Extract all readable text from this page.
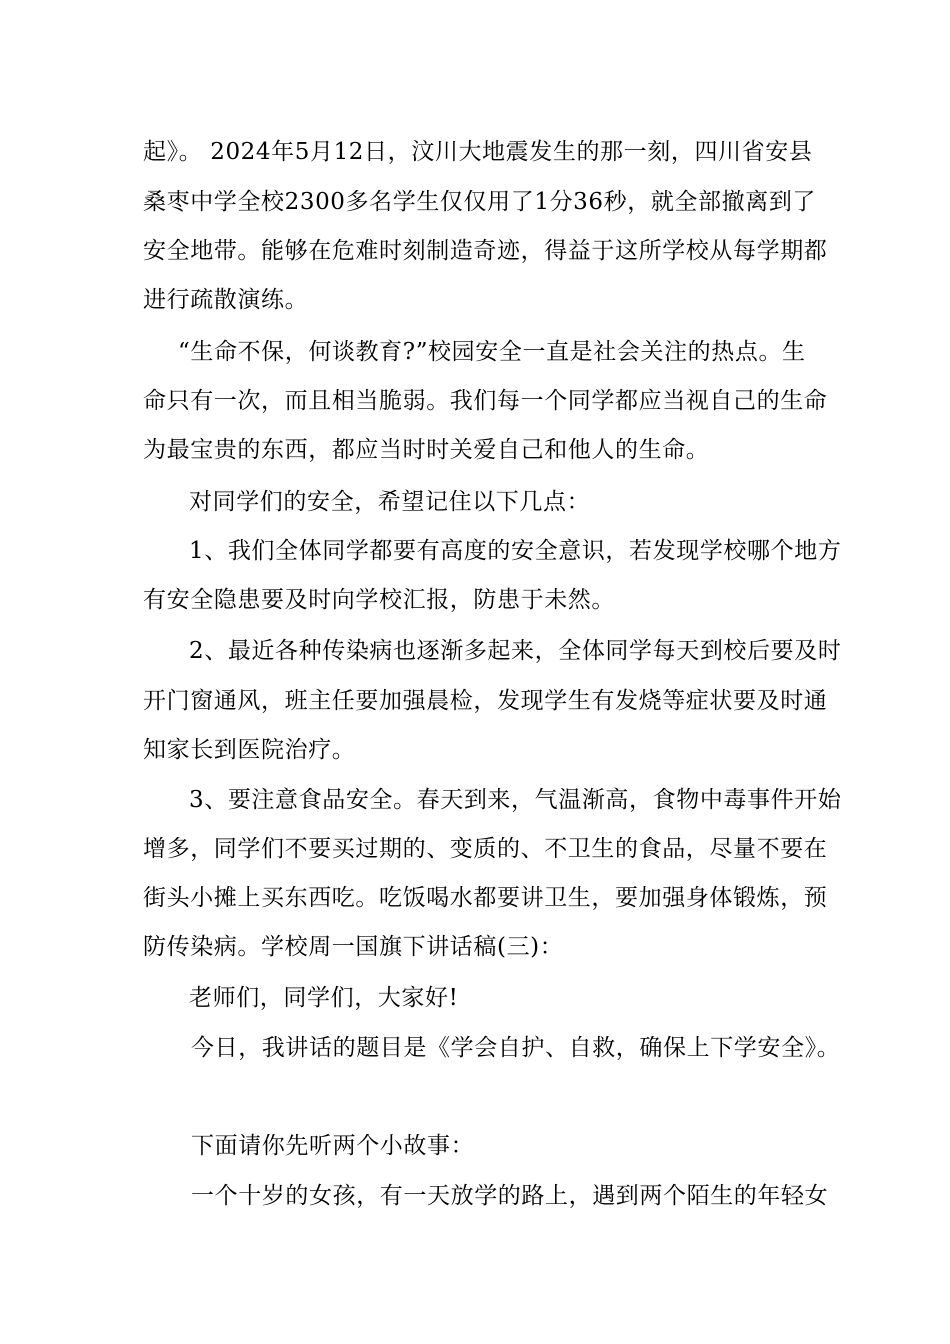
起》。 2024年5月12日，汶川大地震发生的那一刻，四川省安县
桑枣中学全校2300多名学生仅仅用了1分36秒，就全部撤离到了
安全地带。能够在危难时刻制造奇迹，得益于这所学校从每学期都
进行疏散演练。
“生命不保，何谈教育?”校园安全一直是社会关注的热点。生
命只有一次，而且相当脆弱。我们每一个同学都应当视自己的生命
为最宝贵的东西，都应当时时关爱自己和他人的生命。
对同学们的安全，希望记住以下几点：
1、我们全体同学都要有高度的安全意识，若发现学校哪个地方
有安全隐患要及时向学校汇报，防患于未然。
2、最近各种传染病也逐渐多起来，全体同学每天到校后要及时
开门窗通风，班主任要加强晨检，发现学生有发烧等症状要及时通
知家长到医院治疗。
3、要注意食品安全。春天到来，气温渐高，食物中毒事件开始
增多，同学们不要买过期的、变质的、不卫生的食品，尽量不要在
街头小摊上买东西吃。吃饭喝水都要讲卫生，要加强身体锻炼，预
防传染病。学校周一国旗下讲话稿(三)：
老师们，同学们，大家好!
今日，我讲话的题目是《学会自护、自救，确保上下学安全》。
下面请你先听两个小故事：
一个十岁的女孩，有一天放学的路上，遇到两个陌生的年轻女
